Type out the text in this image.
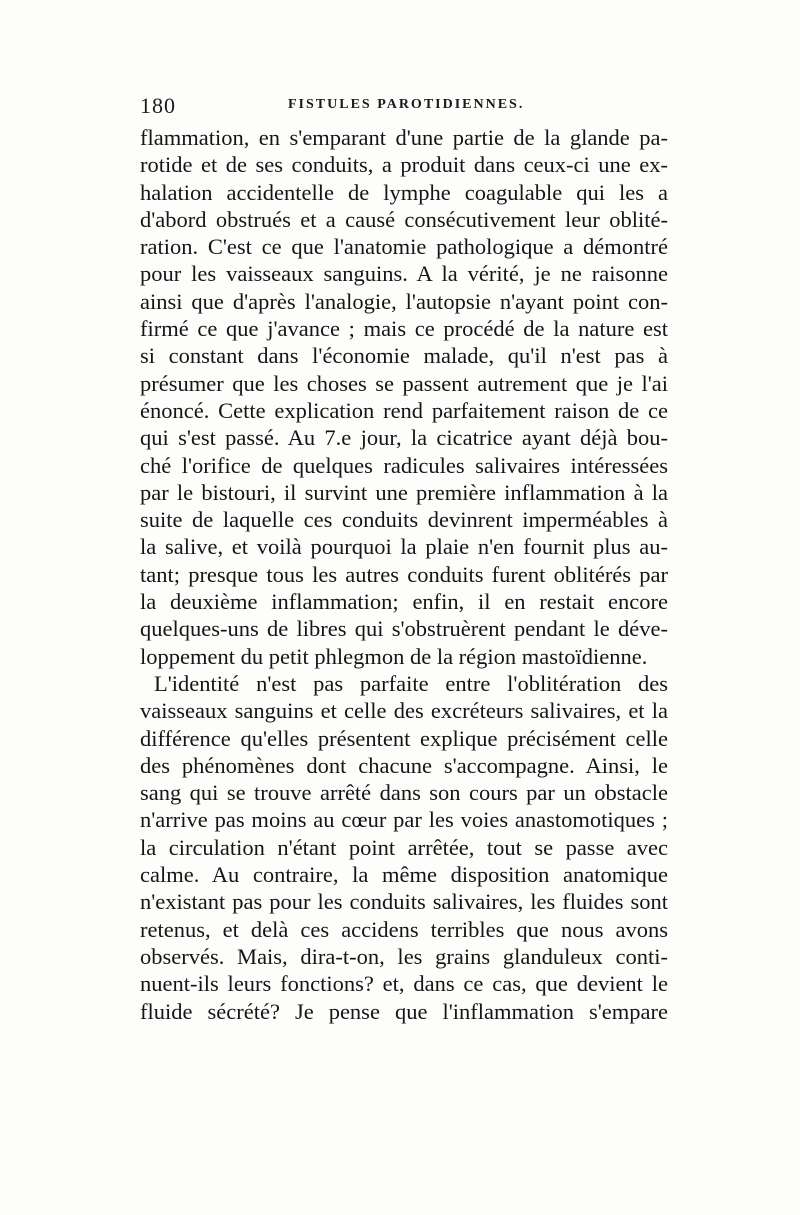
180	FISTULES PAROTIDIENNES.
flammation, en s'emparant d'une partie de la glande pa-
rotide et de ses conduits, a produit dans ceux-ci une ex-
halation accidentelle de lymphe coagulable qui les a
d'abord obstrués et a causé consécutivement leur oblité-
ration. C'est ce que l'anatomie pathologique a démontré
pour les vaisseaux sanguins. A la vérité, je ne raisonne
ainsi que d'après l'analogie, l'autopsie n'ayant point con-
firmé ce que j'avance ; mais ce procédé de la nature est
si constant dans l'économie malade, qu'il n'est pas à
présumer que les choses se passent autrement que je l'ai
énoncé. Cette explication rend parfaitement raison de ce
qui s'est passé. Au 7.e jour, la cicatrice ayant déjà bou-
ché l'orifice de quelques radicules salivaires intéressées
par le bistouri, il survint une première inflammation à la
suite de laquelle ces conduits devinrent imperméables à
la salive, et voilà pourquoi la plaie n'en fournit plus au-
tant; presque tous les autres conduits furent oblitérés par
la deuxième inflammation; enfin, il en restait encore
quelques-uns de libres qui s'obstruèrent pendant le déve-
loppement du petit phlegmon de la région mastoïdienne.
L'identité n'est pas parfaite entre l'oblitération des
vaisseaux sanguins et celle des excréteurs salivaires, et la
différence qu'elles présentent explique précisément celle
des phénomènes dont chacune s'accompagne. Ainsi, le
sang qui se trouve arrêté dans son cours par un obstacle
n'arrive pas moins au cœur par les voies anastomotiques ;
la circulation n'étant point arrêtée, tout se passe avec
calme. Au contraire, la même disposition anatomique
n'existant pas pour les conduits salivaires, les fluides sont
retenus, et delà ces accidens terribles que nous avons
observés. Mais, dira-t-on, les grains glanduleux conti-
nuent-ils leurs fonctions? et, dans ce cas, que devient le
fluide sécrété? Je pense que l'inflammation s'empare
